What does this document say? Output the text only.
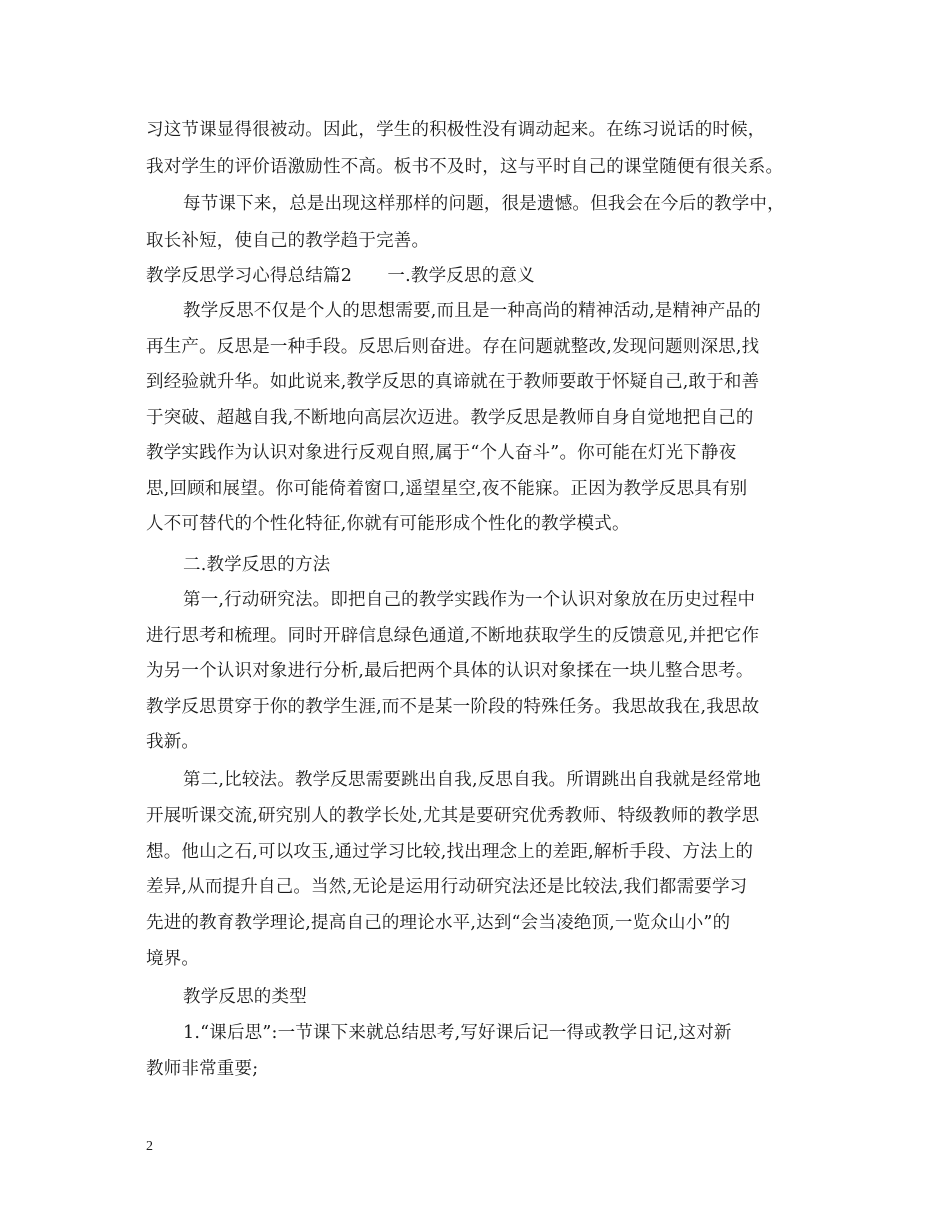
习这节课显得很被动。因此，学生的积极性没有调动起来。在练习说话的时候，
我对学生的评价语激励性不高。板书不及时，这与平时自己的课堂随便有很关系。
每节课下来，总是出现这样那样的问题，很是遗憾。但我会在今后的教学中，
取长补短，使自己的教学趋于完善。
教学反思学习心得总结篇2　　一.教学反思的意义
教学反思不仅是个人的思想需要,而且是一种高尚的精神活动,是精神产品的
再生产。反思是一种手段。反思后则奋进。存在问题就整改,发现问题则深思,找
到经验就升华。如此说来,教学反思的真谛就在于教师要敢于怀疑自己,敢于和善
于突破、超越自我,不断地向高层次迈进。教学反思是教师自身自觉地把自己的
教学实践作为认识对象进行反观自照,属于“个人奋斗”。你可能在灯光下静夜
思,回顾和展望。你可能倚着窗口,遥望星空,夜不能寐。正因为教学反思具有别
人不可替代的个性化特征,你就有可能形成个性化的教学模式。
二.教学反思的方法
第一,行动研究法。即把自己的教学实践作为一个认识对象放在历史过程中
进行思考和梳理。同时开辟信息绿色通道,不断地获取学生的反馈意见,并把它作
为另一个认识对象进行分析,最后把两个具体的认识对象揉在一块儿整合思考。
教学反思贯穿于你的教学生涯,而不是某一阶段的特殊任务。我思故我在,我思故
我新。
第二,比较法。教学反思需要跳出自我,反思自我。所谓跳出自我就是经常地
开展听课交流,研究别人的教学长处,尤其是要研究优秀教师、特级教师的教学思
想。他山之石,可以攻玉,通过学习比较,找出理念上的差距,解析手段、方法上的
差异,从而提升自己。当然,无论是运用行动研究法还是比较法,我们都需要学习
先进的教育教学理论,提高自己的理论水平,达到“会当凌绝顶,一览众山小”的
境界。
教学反思的类型
1.“课后思”:一节课下来就总结思考,写好课后记一得或教学日记,这对新
教师非常重要;
2
